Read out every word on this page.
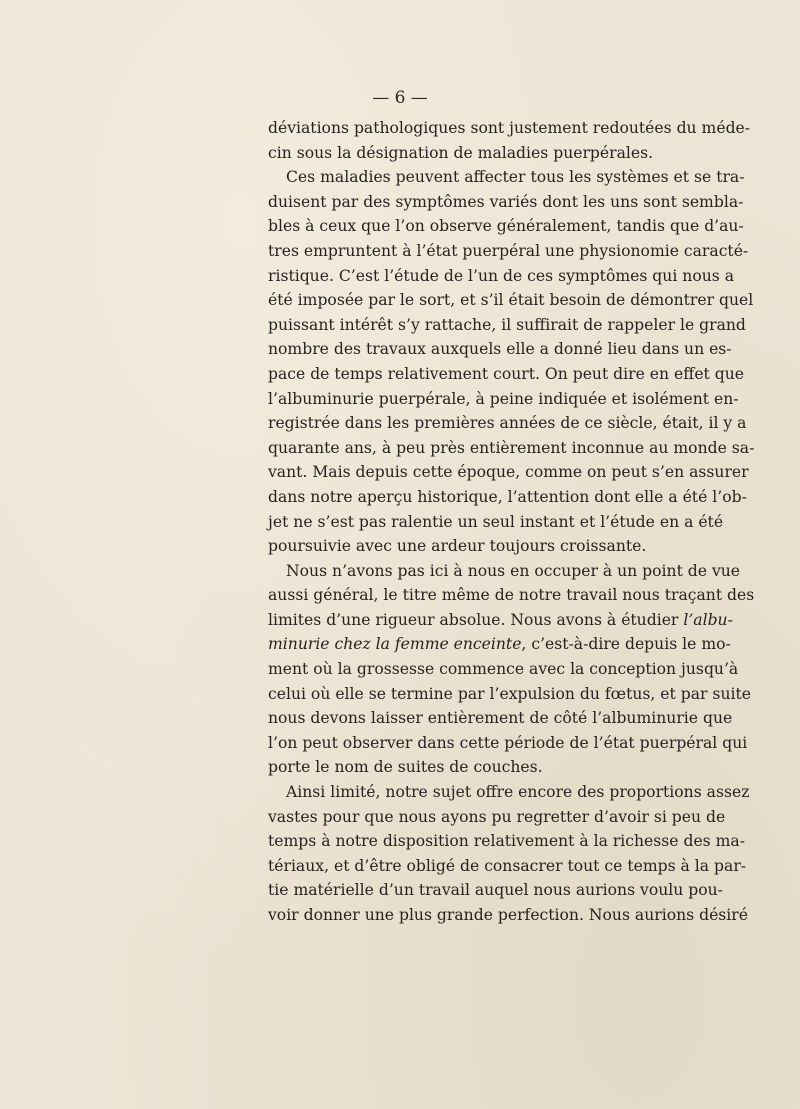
— 6 —
déviations pathologiques sont justement redoutées du méde-
cin sous la désignation de maladies puerpérales.
Ces maladies peuvent affecter tous les systèmes et se tra-
duisent par des symptômes variés dont les uns sont sembla-
bles à ceux que l’on observe généralement, tandis que d’au-
tres empruntent à l’état puerpéral une physionomie caracté-
ristique. C’est l’étude de l’un de ces symptômes qui nous a
été imposée par le sort, et s’il était besoin de démontrer quel
puissant intérêt s’y rattache, il suffirait de rappeler le grand
nombre des travaux auxquels elle a donné lieu dans un es-
pace de temps relativement court. On peut dire en effet que
l’albuminurie puerpérale, à peine indiquée et isolément en-
registrée dans les premières années de ce siècle, était, il y a
quarante ans, à peu près entièrement inconnue au monde sa-
vant. Mais depuis cette époque, comme on peut s’en assurer
dans notre aperçu historique, l’attention dont elle a été l’ob-
jet ne s’est pas ralentie un seul instant et l’étude en a été
poursuivie avec une ardeur toujours croissante.
Nous n’avons pas ici à nous en occuper à un point de vue
aussi général, le titre même de notre travail nous traçant des
limites d’une rigueur absolue. Nous avons à étudier l’albu-
minurie chez la femme enceinte, c’est-à-dire depuis le mo-
ment où la grossesse commence avec la conception jusqu’à
celui où elle se termine par l’expulsion du fœtus, et par suite
nous devons laisser entièrement de côté l’albuminurie que
l’on peut observer dans cette période de l’état puerpéral qui
porte le nom de suites de couches.
Ainsi limité, notre sujet offre encore des proportions assez
vastes pour que nous ayons pu regretter d’avoir si peu de
temps à notre disposition relativement à la richesse des ma-
tériaux, et d’être obligé de consacrer tout ce temps à la par-
tie matérielle d’un travail auquel nous aurions voulu pou-
voir donner une plus grande perfection. Nous aurions désiré
